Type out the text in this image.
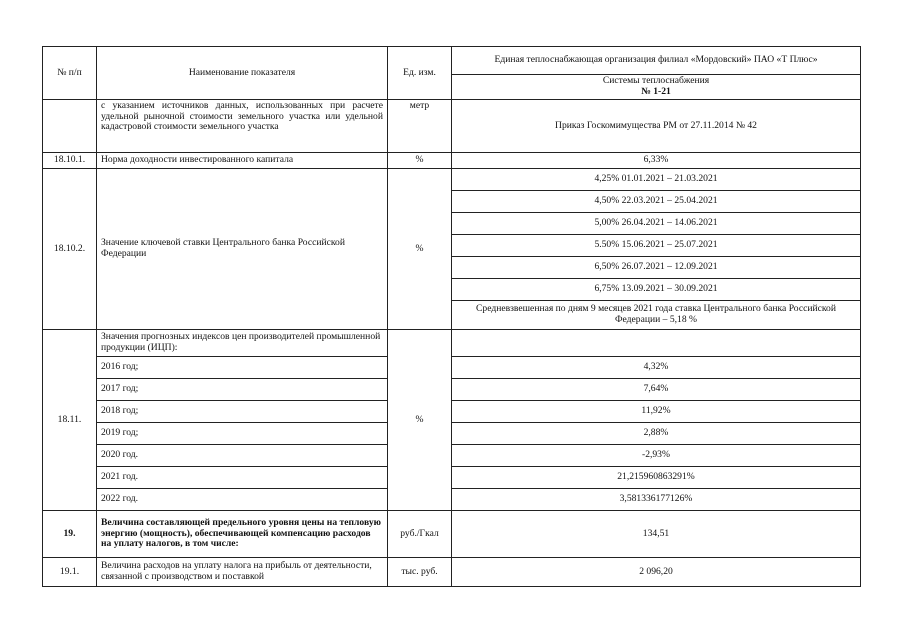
№ п/п	Наименование показателя	Ед. изм.	Единая теплоснабжающая организация филиал «Мордовский» ПАО «Т Плюс»

			Системы теплоснабжения
№ 1-21

	с указанием источников данных, использованных при расчете удельной рыночной стоимости земельного участка или удельной кадастровой стоимости земельного участка	метр	Приказ Госкомимущества РМ от 27.11.2014 № 42
18.10.1.	Норма доходности инвестированного капитала	%	6,33%
18.10.2.	Значение ключевой ставки Центрального банка Российской Федерации	%	4,25% 01.01.2021 – 21.03.2021
			4,50% 22.03.2021 – 25.04.2021
			5,00% 26.04.2021 – 14.06.2021
			5.50% 15.06.2021 – 25.07.2021
			6,50% 26.07.2021 – 12.09.2021
			6,75% 13.09.2021 – 30.09.2021
			Средневзвешенная по дням 9 месяцев 2021 года ставка Центрального банка Российской Федерации – 5,18 %
18.11.	Значения прогнозных индексов цен производителей промышленной продукции (ИЦП):	%	
	2016 год;		4,32%
	2017 год;		7,64%
	2018 год;		11,92%
	2019 год;		2,88%
	2020 год.		-2,93%
	2021 год.		21,215960863291%
	2022 год.		3,581336177126%
19.	Величина составляющей предельного уровня цены на тепловую энергию (мощность), обеспечивающей компенсацию расходов на уплату налогов, в том числе:	руб./Гкал	134,51
19.1.	Величина расходов на уплату налога на прибыль от деятельности, связанной с производством и поставкой	тыс. руб.	2 096,20
